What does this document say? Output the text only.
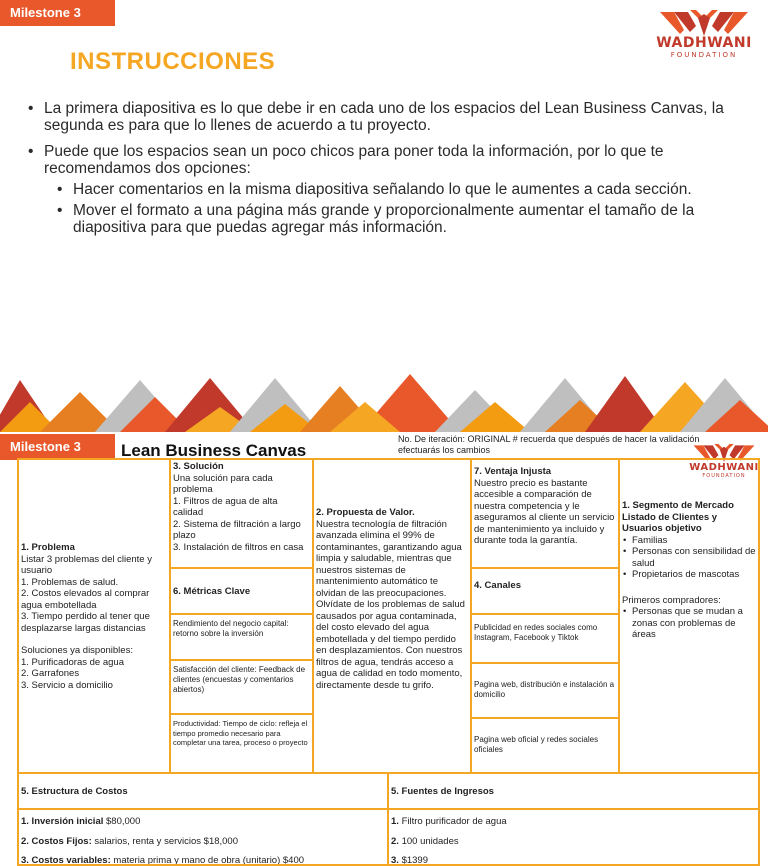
Milestone 3
WADHWANI
FOUNDATION
INSTRUCCIONES
• La primera diapositiva es lo que debe ir en cada uno de los espacios del Lean Business Canvas, la segunda es para que lo llenes de acuerdo a tu proyecto.
• Puede que los espacios sean un poco chicos para poner toda la información, por lo que te recomendamos dos opciones:
• Hacer comentarios en la misma diapositiva señalando lo que le aumentes a cada sección.
• Mover el formato a una página más grande y proporcionalmente aumentar el tamaño de la diapositiva para que puedas agregar más información.
Milestone 3	Lean Business Canvas
No. De iteración: ORIGINAL # recuerda que después de hacer la validación efectuarás los cambios
WADHWANI
FOUNDATION
1. Problema
Listar 3 problemas del cliente y usuario
1. Problemas de salud.
2. Costos elevados al comprar agua embotellada
3. Tiempo perdido al tener que desplazarse largas distancias
Soluciones ya disponibles:
1. Purificadoras de agua
2. Garrafones
3. Servicio a domicilio
3. Solución
Una solución para cada problema
1. Filtros de agua de alta calidad
2. Sistema de filtración a largo plazo
3. Instalación de filtros en casa
6. Métricas Clave
Rendimiento del negocio capital: retorno sobre la inversión
Satisfacción del cliente: Feedback de clientes (encuestas y comentarios abiertos)
Productividad: Tiempo de ciclo: refleja el tiempo promedio necesario para completar una tarea, proceso o proyecto
2. Propuesta de Valor.
Nuestra tecnología de filtración avanzada elimina el 99% de contaminantes, garantizando agua limpia y saludable, mientras que nuestros sistemas de mantenimiento automático te olvidan de las preocupaciones.
Olvídate de los problemas de salud causados por agua contaminada, del costo elevado del agua embotellada y del tiempo perdido en desplazamientos. Con nuestros filtros de agua, tendrás acceso a agua de calidad en todo momento, directamente desde tu grifo.
7. Ventaja Injusta
Nuestro precio es bastante accesible a comparación de nuestra competencia y le aseguramos al cliente un servicio de mantenimiento ya incluido y durante toda la garantía.
4. Canales
Publicidad en redes sociales como Instagram, Facebook y Tiktok
Pagina web, distribución e instalación a domicilio
Pagina web oficial y redes sociales oficiales
1. Segmento de Mercado Listado de Clientes y Usuarios objetivo
• Familias
• Personas con sensibilidad de salud
• Propietarios de mascotas
Primeros compradores:
• Personas que se mudan a zonas con problemas de áreas
5. Estructura de Costos
1. Inversión inicial $80,000
2. Costos Fijos: salarios, renta y servicios $18,000
3. Costos variables: materia prima y mano de obra (unitario) $400
5. Fuentes de Ingresos
1. Filtro purificador de agua
2. 100 unidades
3. $1399
